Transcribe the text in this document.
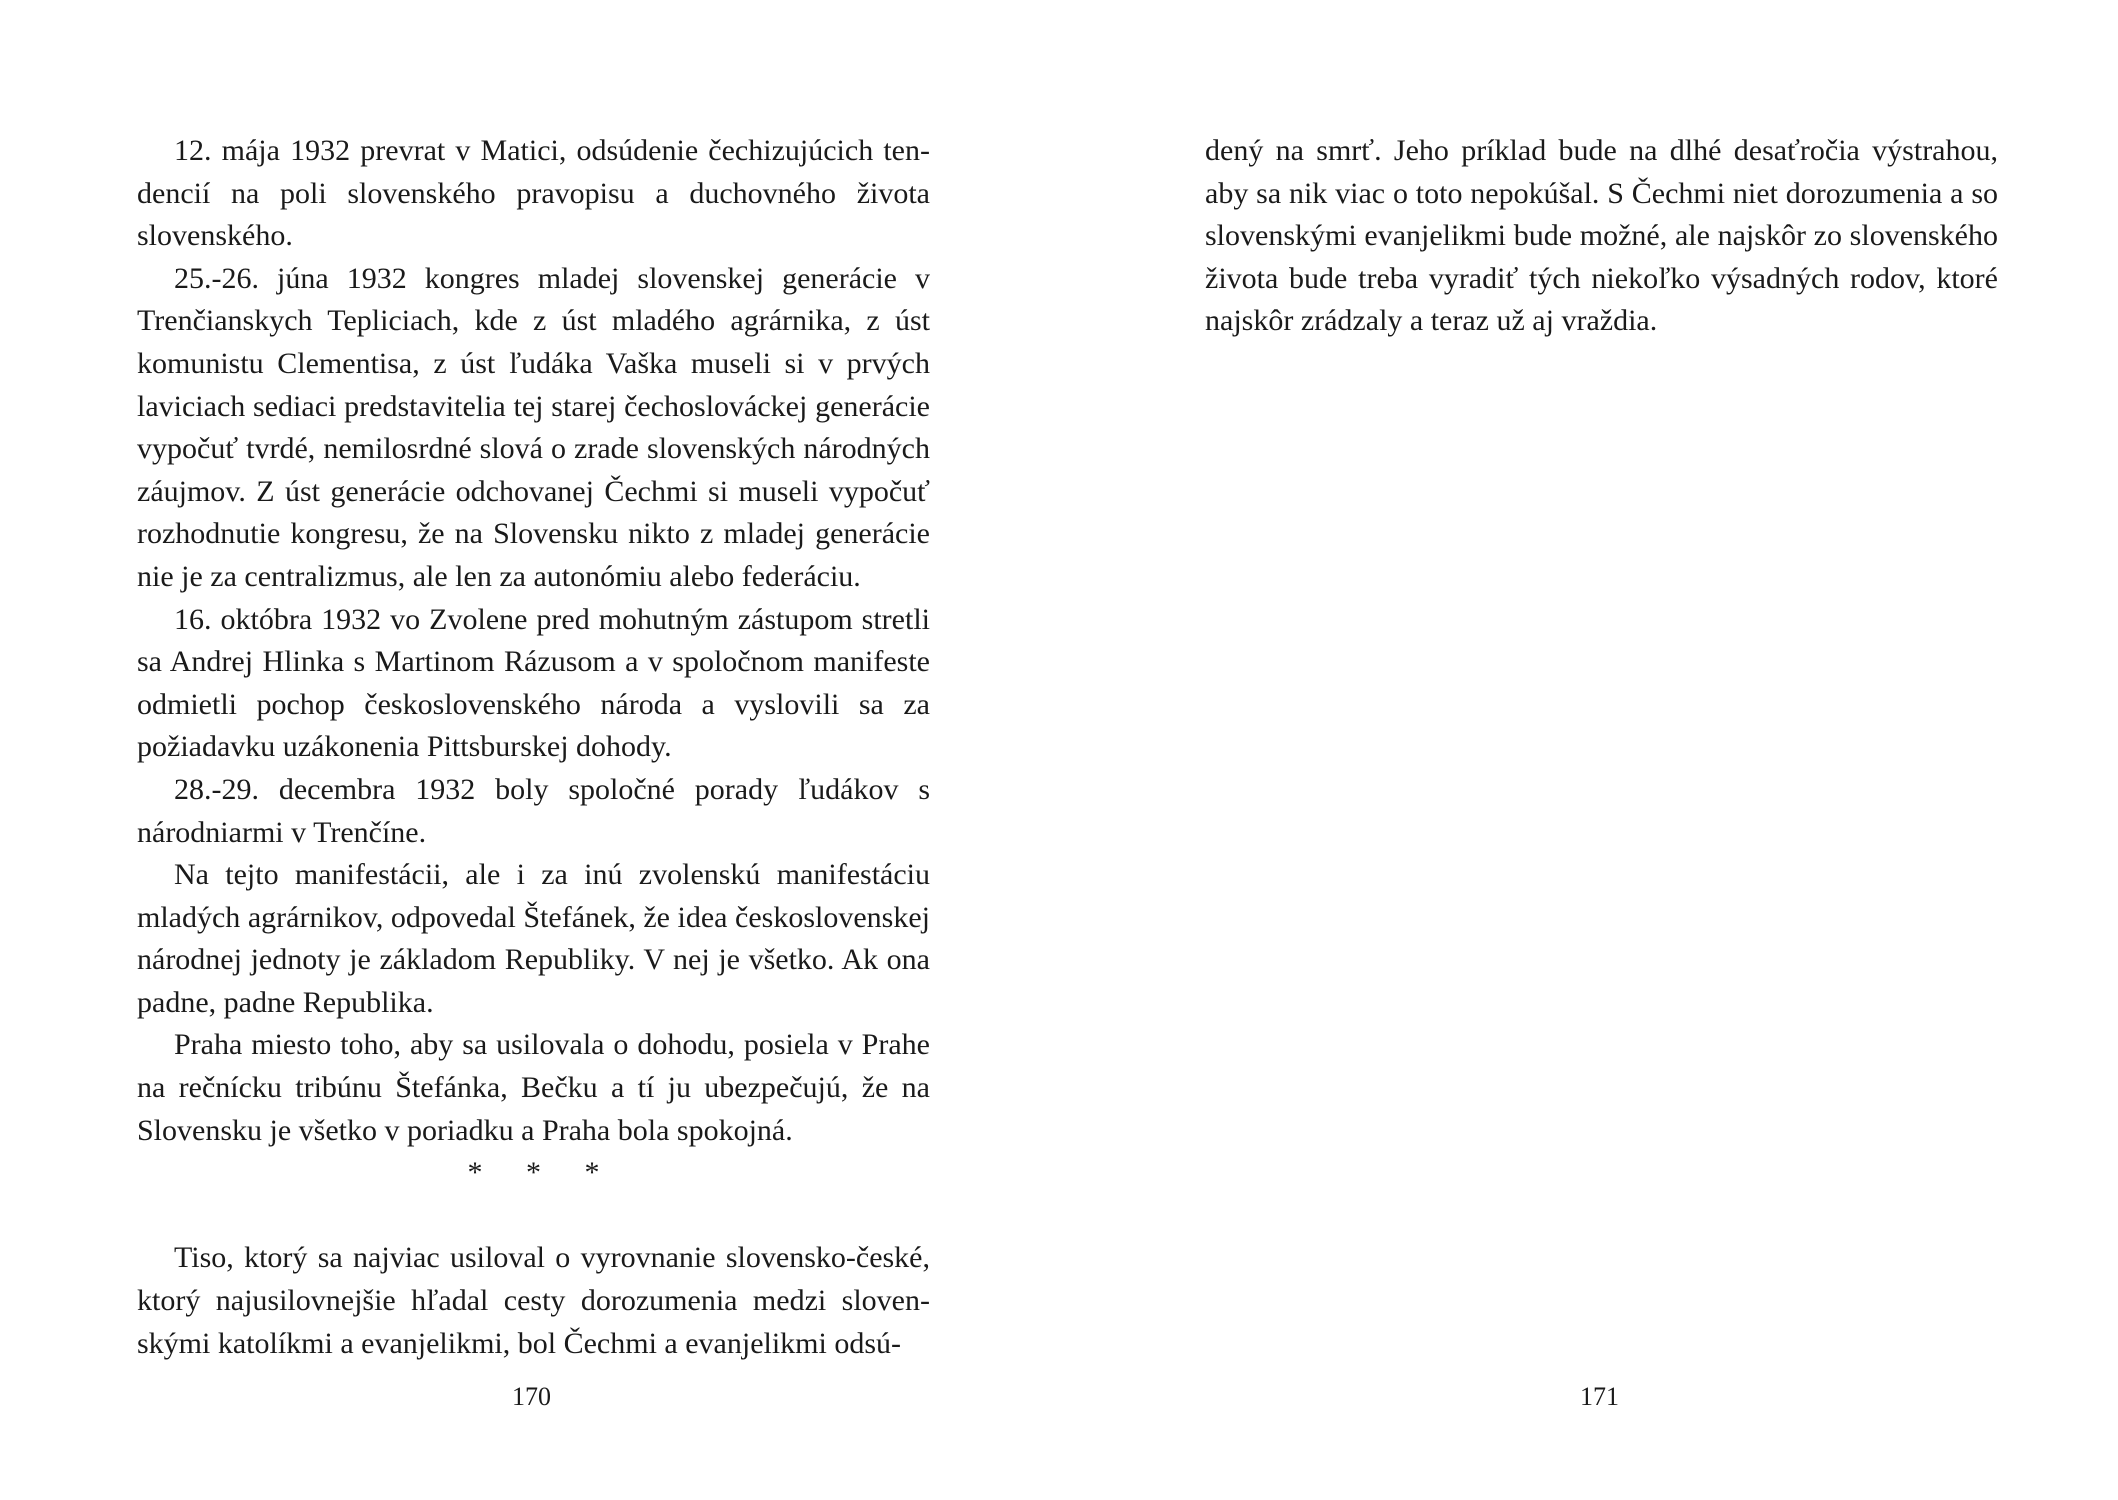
12. mája 1932 prevrat v Matici, odsúdenie čechizujúcich tendencií na poli slovenského pravopisu a duchovného života slovenského.

25.-26. júna 1932 kongres mladej slovenskej generácie v Trenčianskych Tepliciach, kde z úst mladého agrárnika, z úst komunistu Clementisa, z úst ľudáka Vaška museli si v prvých laviciach sediaci predstavitelia tej starej čechoslováckej generácie vypočuť tvrdé, nemilosrdné slová o zrade slovenských národných záujmov. Z úst generácie odchovanej Čechmi si museli vypočuť rozhodnutie kongresu, že na Slovensku nikto z mladej generácie nie je za centralizmus, ale len za autonómiu alebo federáciu.

16. októbra 1932 vo Zvolene pred mohutným zástupom stretli sa Andrej Hlinka s Martinom Rázusom a v spoločnom manifeste odmietli pochop československého národa a vyslovili sa za požiadavku uzákonenia Pittsburskej dohody.

28.-29. decembra 1932 boly spoločné porady ľudákov s národniarmi v Trenčíne.

Na tejto manifestácii, ale i za inú zvolenskú manifestáciu mladých agrárnikov, odpovedal Štefánek, že idea československej národnej jednoty je základom Republiky. V nej je všetko. Ak ona padne, padne Republika.

Praha miesto toho, aby sa usilovala o dohodu, posiela v Prahe na rečnícku tribúnu Štefánka, Bečku a tí ju ubezpečujú, že na Slovensku je všetko v poriadku a Praha bola spokojná.

* * *

Tiso, ktorý sa najviac usiloval o vyrovnanie slovensko-české, ktorý najusilovnejšie hľadal cesty dorozumenia medzi slovenskými katolíkmi a evanjelikmi, bol Čechmi a evanjelikmi odsú-

170

dený na smrť. Jeho príklad bude na dlhé desaťročia výstrahou, aby sa nik viac o toto nepokúšal. S Čechmi niet dorozumenia a so slovenskými evanjelikmi bude možné, ale najskôr zo slovenského života bude treba vyradiť tých niekoľko výsadných rodov, ktoré najskôr zrádzaly a teraz už aj vraždia.

171
